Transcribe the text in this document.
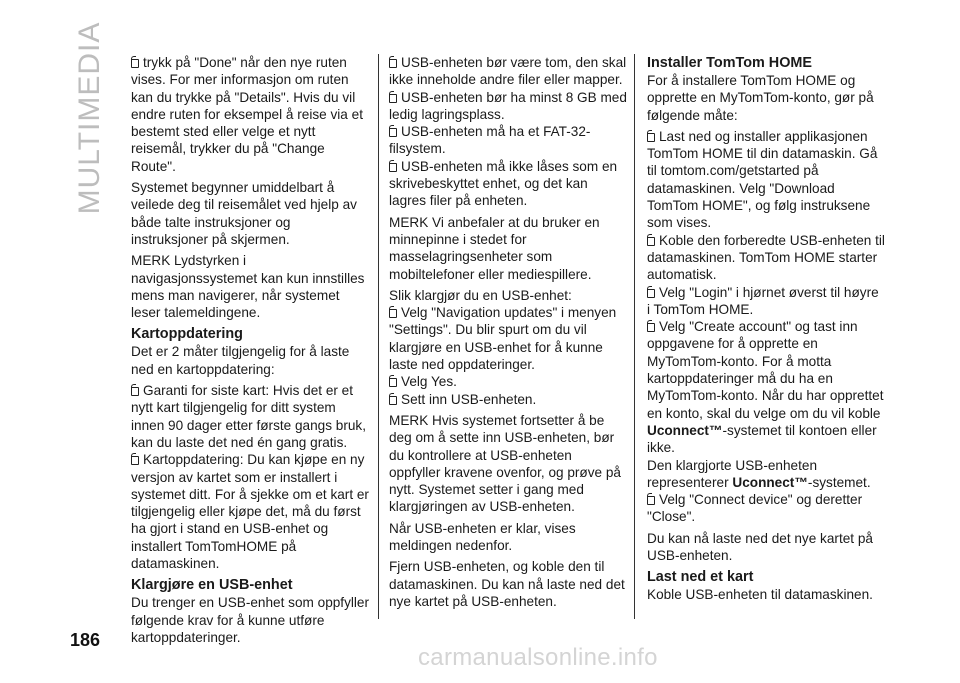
MULTIMEDIA
186

trykk på "Done" når den nye ruten vises. For mer informasjon om ruten kan du trykke på "Details". Hvis du vil endre ruten for eksempel å reise via et bestemt sted eller velge et nytt reisemål, trykker du på "Change Route".

Systemet begynner umiddelbart å veilede deg til reisemålet ved hjelp av både talte instruksjoner og instruksjoner på skjermen.

MERK Lydstyrken i navigasjonssystemet kan kun innstilles mens man navigerer, når systemet leser talemeldingene.

Kartoppdatering

Det er 2 måter tilgjengelig for å laste ned en kartoppdatering:

Garanti for siste kart: Hvis det er et nytt kart tilgjengelig for ditt system innen 90 dager etter første gangs bruk, kan du laste det ned én gang gratis.

Kartoppdatering: Du kan kjøpe en ny versjon av kartet som er installert i systemet ditt. For å sjekke om et kart er tilgjengelig eller kjøpe det, må du først ha gjort i stand en USB-enhet og installert TomTomHOME på datamaskinen.

Klargjøre en USB-enhet

Du trenger en USB-enhet som oppfyller følgende krav for å kunne utføre kartoppdateringer.

USB-enheten bør være tom, den skal ikke inneholde andre filer eller mapper.

USB-enheten bør ha minst 8 GB med ledig lagringsplass.

USB-enheten må ha et FAT-32-filsystem.

USB-enheten må ikke låses som en skrivebeskyttet enhet, og det kan lagres filer på enheten.

MERK Vi anbefaler at du bruker en minnepinne i stedet for masselagringsenheter som mobiltelefoner eller mediespillere.

Slik klargjør du en USB-enhet:

Velg "Navigation updates" i menyen "Settings". Du blir spurt om du vil klargjøre en USB-enhet for å kunne laste ned oppdateringer.

Velg Yes.

Sett inn USB-enheten.

MERK Hvis systemet fortsetter å be deg om å sette inn USB-enheten, bør du kontrollere at USB-enheten oppfyller kravene ovenfor, og prøve på nytt. Systemet setter i gang med klargjøringen av USB-enheten.

Når USB-enheten er klar, vises meldingen nedenfor.

Fjern USB-enheten, og koble den til datamaskinen. Du kan nå laste ned det nye kartet på USB-enheten.

Installer TomTom HOME

For å installere TomTom HOME og opprette en MyTomTom-konto, gør på følgende måte:

Last ned og installer applikasjonen TomTom HOME til din datamaskin. Gå til tomtom.com/getstarted på datamaskinen. Velg "Download TomTom HOME", og følg instruksene som vises.

Koble den forberedte USB-enheten til datamaskinen. TomTom HOME starter automatisk.

Velg "Login" i hjørnet øverst til høyre i TomTom HOME.

Velg "Create account" og tast inn oppgavene for å opprette en MyTomTom-konto. For å motta kartoppdateringer må du ha en MyTomTom-konto. Når du har opprettet en konto, skal du velge om du vil koble Uconnect™-systemet til kontoen eller ikke.

Den klargjorte USB-enheten representerer Uconnect™-systemet.

Velg "Connect device" og deretter "Close".

Du kan nå laste ned det nye kartet på USB-enheten.

Last ned et kart

Koble USB-enheten til datamaskinen.

carmanualsonline.info
